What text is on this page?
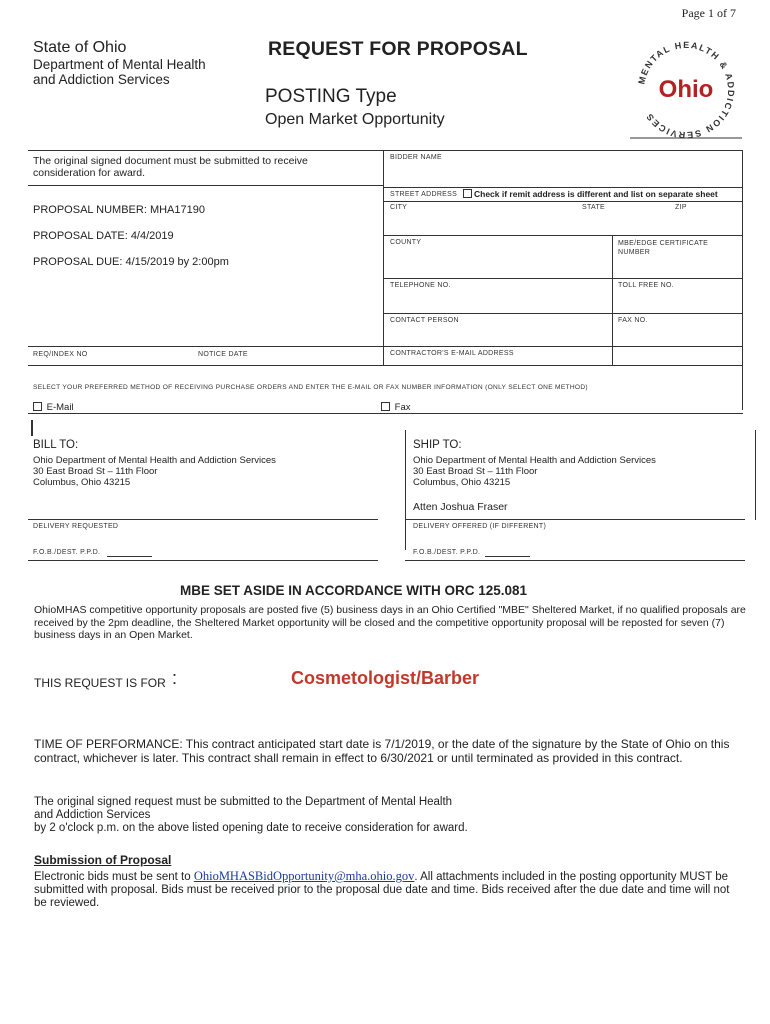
Page 1 of 7
State of Ohio
Department of Mental Health
and Addiction Services
REQUEST FOR PROPOSAL
POSTING Type
Open Market Opportunity
MENTAL HEALTH & ADDICTION SERVICES
Ohio
The original signed document must be submitted to receive consideration for award.
PROPOSAL NUMBER: MHA17190
PROPOSAL DATE: 4/4/2019
PROPOSAL DUE: 4/15/2019 by 2:00pm
REQ/INDEX NO	NOTICE DATE
BIDDER NAME
STREET ADDRESS	Check if remit address is different and list on separate sheet
CITY	STATE	ZIP
COUNTY	MBE/EDGE CERTIFICATE NUMBER
TELEPHONE NO.	TOLL FREE NO.
CONTACT PERSON	FAX NO.
CONTRACTOR'S E-MAIL ADDRESS
SELECT YOUR PREFERRED METHOD OF RECEIVING PURCHASE ORDERS AND ENTER THE E-MAIL OR FAX NUMBER INFORMATION (ONLY SELECT ONE METHOD)
E-Mail	Fax
BILL TO:
Ohio Department of Mental Health and Addiction Services
30 East Broad St – 11th Floor
Columbus, Ohio 43215
SHIP TO:
Ohio Department of Mental Health and Addiction Services
30 East Broad St – 11th Floor
Columbus, Ohio 43215
Atten Joshua Fraser
DELIVERY REQUESTED	DELIVERY OFFERED (IF DIFFERENT)
F.O.B./DEST. P.P.D.	F.O.B./DEST. P.P.D.
MBE SET ASIDE IN ACCORDANCE WITH ORC 125.081
OhioMHAS competitive opportunity proposals are posted five (5) business days in an Ohio Certified "MBE" Sheltered Market, if no qualified proposals are received by the 2pm deadline, the Sheltered Market opportunity will be closed and the competitive opportunity proposal will be reposted for seven (7) business days in an Open Market.
THIS REQUEST IS FOR :	Cosmetologist/Barber
TIME OF PERFORMANCE: This contract anticipated start date is 7/1/2019, or the date of the signature by the State of Ohio on this contract, whichever is later. This contract shall remain in effect to 6/30/2021 or until terminated as provided in this contract.
The original signed request must be submitted to the Department of Mental Health
and Addiction Services
by 2 o'clock p.m. on the above listed opening date to receive consideration for award.
Submission of Proposal
Electronic bids must be sent to OhioMHASBidOpportunity@mha.ohio.gov. All attachments included in the posting opportunity MUST be submitted with proposal. Bids must be received prior to the proposal due date and time. Bids received after the due date and time will not be reviewed.
